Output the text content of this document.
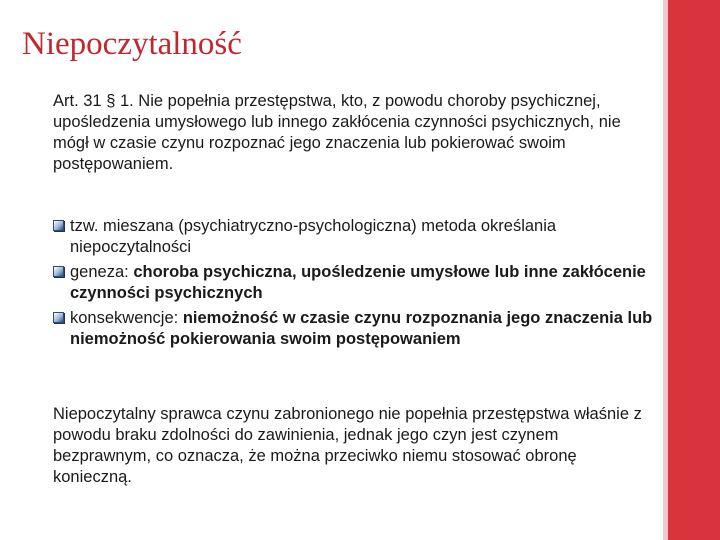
Niepoczytalność
Art. 31 § 1. Nie popełnia przestępstwa, kto, z powodu choroby psychicznej, upośledzenia umysłowego lub innego zakłócenia czynności psychicznych, nie mógł w czasie czynu rozpoznać jego znaczenia lub pokierować swoim postępowaniem.
tzw. mieszana (psychiatryczno-psychologiczna) metoda określania niepoczytalności
geneza: choroba psychiczna, upośledzenie umysłowe lub inne zakłócenie czynności psychicznych
konsekwencje: niemożność w czasie czynu rozpoznania jego znaczenia lub niemożność pokierowania swoim postępowaniem
Niepoczytalny sprawca czynu zabronionego nie popełnia przestępstwa właśnie z powodu braku zdolności do zawinienia, jednak jego czyn jest czynem bezprawnym, co oznacza, że można przeciwko niemu stosować obronę konieczną.
